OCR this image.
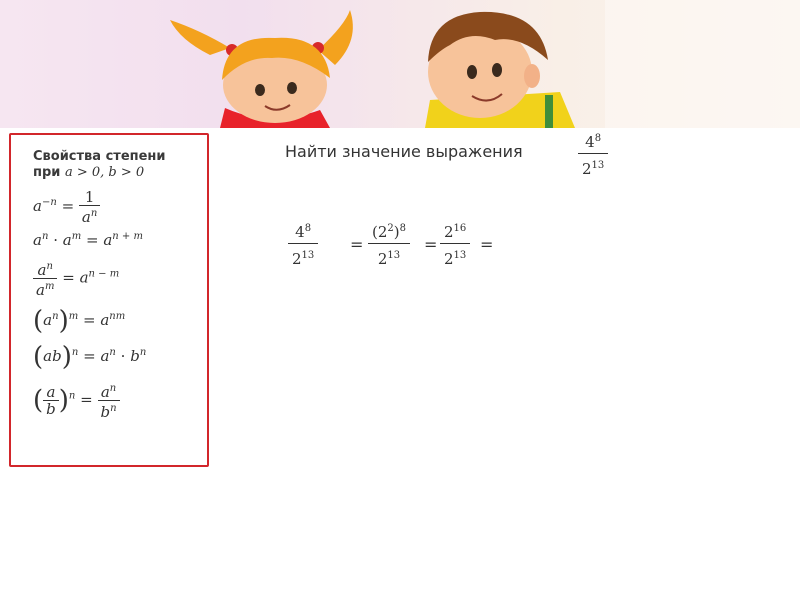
Свойства степени
при a > 0, b > 0
$a^{-n} = \frac{1}{a^n}$
$a^n \cdot a^m = a^{n + m}$
$\frac{a^n}{a^m} = a^{n - m}$
$(a^n)^m = a^{nm}$
$(ab)^n = a^n \cdot b^n$
( $\frac{a}{b} )^n = \frac{a^n}{b^n}$
Найти значение выражения	$\frac{4^8}{2^{13}}$
$\frac{4^8}{2^{13}} = \frac{(2^2)^8}{2^{13}} = \frac{2^{16}}{2^{13}}$ =
